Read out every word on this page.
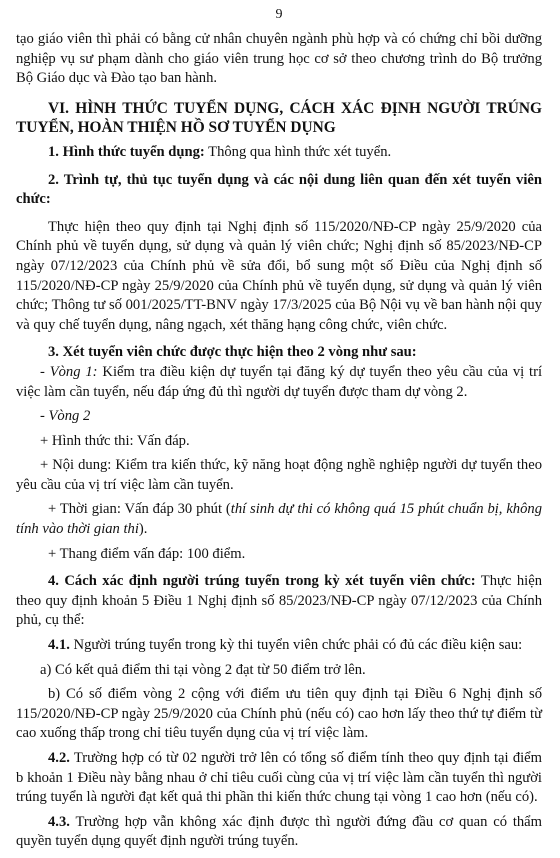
9

tạo giáo viên thì phải có bằng cử nhân chuyên ngành phù hợp và có chứng chỉ bồi dưỡng nghiệp vụ sư phạm dành cho giáo viên trung học cơ sở theo chương trình do Bộ trưởng Bộ Giáo dục và Đào tạo ban hành.

VI. HÌNH THỨC TUYỂN DỤNG, CÁCH XÁC ĐỊNH NGƯỜI TRÚNG TUYỂN, HOÀN THIỆN HỒ SƠ TUYỂN DỤNG

1. Hình thức tuyển dụng: Thông qua hình thức xét tuyển.

2. Trình tự, thủ tục tuyển dụng và các nội dung liên quan đến xét tuyển viên chức:

Thực hiện theo quy định tại Nghị định số 115/2020/NĐ-CP ngày 25/9/2020 của Chính phủ về tuyển dụng, sử dụng và quản lý viên chức; Nghị định số 85/2023/NĐ-CP ngày 07/12/2023 của Chính phủ về sửa đổi, bổ sung một số Điều của Nghị định số 115/2020/NĐ-CP ngày 25/9/2020 của Chính phủ về tuyển dụng, sử dụng và quản lý viên chức; Thông tư số 001/2025/TT-BNV ngày 17/3/2025 của Bộ Nội vụ về ban hành nội quy và quy chế tuyển dụng, nâng ngạch, xét thăng hạng công chức, viên chức.

3. Xét tuyển viên chức được thực hiện theo 2 vòng như sau:

- Vòng 1: Kiểm tra điều kiện dự tuyển tại đăng ký dự tuyển theo yêu cầu của vị trí việc làm cần tuyển, nếu đáp ứng đủ thì người dự tuyển được tham dự vòng 2.

- Vòng 2

+ Hình thức thi: Vấn đáp.

+ Nội dung: Kiểm tra kiến thức, kỹ năng hoạt động nghề nghiệp người dự tuyển theo yêu cầu của vị trí việc làm cần tuyển.

+ Thời gian: Vấn đáp 30 phút (thí sinh dự thi có không quá 15 phút chuẩn bị, không tính vào thời gian thi).

+ Thang điểm vấn đáp: 100 điểm.

4. Cách xác định người trúng tuyển trong kỳ xét tuyển viên chức: Thực hiện theo quy định khoản 5 Điều 1 Nghị định số 85/2023/NĐ-CP ngày 07/12/2023 của Chính phủ, cụ thể:

4.1. Người trúng tuyển trong kỳ thi tuyển viên chức phải có đủ các điều kiện sau:

a) Có kết quả điểm thi tại vòng 2 đạt từ 50 điểm trở lên.

b) Có số điểm vòng 2 cộng với điểm ưu tiên quy định tại Điều 6 Nghị định số 115/2020/NĐ-CP ngày 25/9/2020 của Chính phủ (nếu có) cao hơn lấy theo thứ tự điểm từ cao xuống thấp trong chỉ tiêu tuyển dụng của vị trí việc làm.

4.2. Trường hợp có từ 02 người trở lên có tổng số điểm tính theo quy định tại điểm b khoản 1 Điều này bằng nhau ở chỉ tiêu cuối cùng của vị trí việc làm cần tuyển thì người trúng tuyển là người đạt kết quả thi phần thi kiến thức chung tại vòng 1 cao hơn (nếu có).

4.3. Trường hợp vẫn không xác định được thì người đứng đầu cơ quan có thẩm quyền tuyển dụng quyết định người trúng tuyển.
